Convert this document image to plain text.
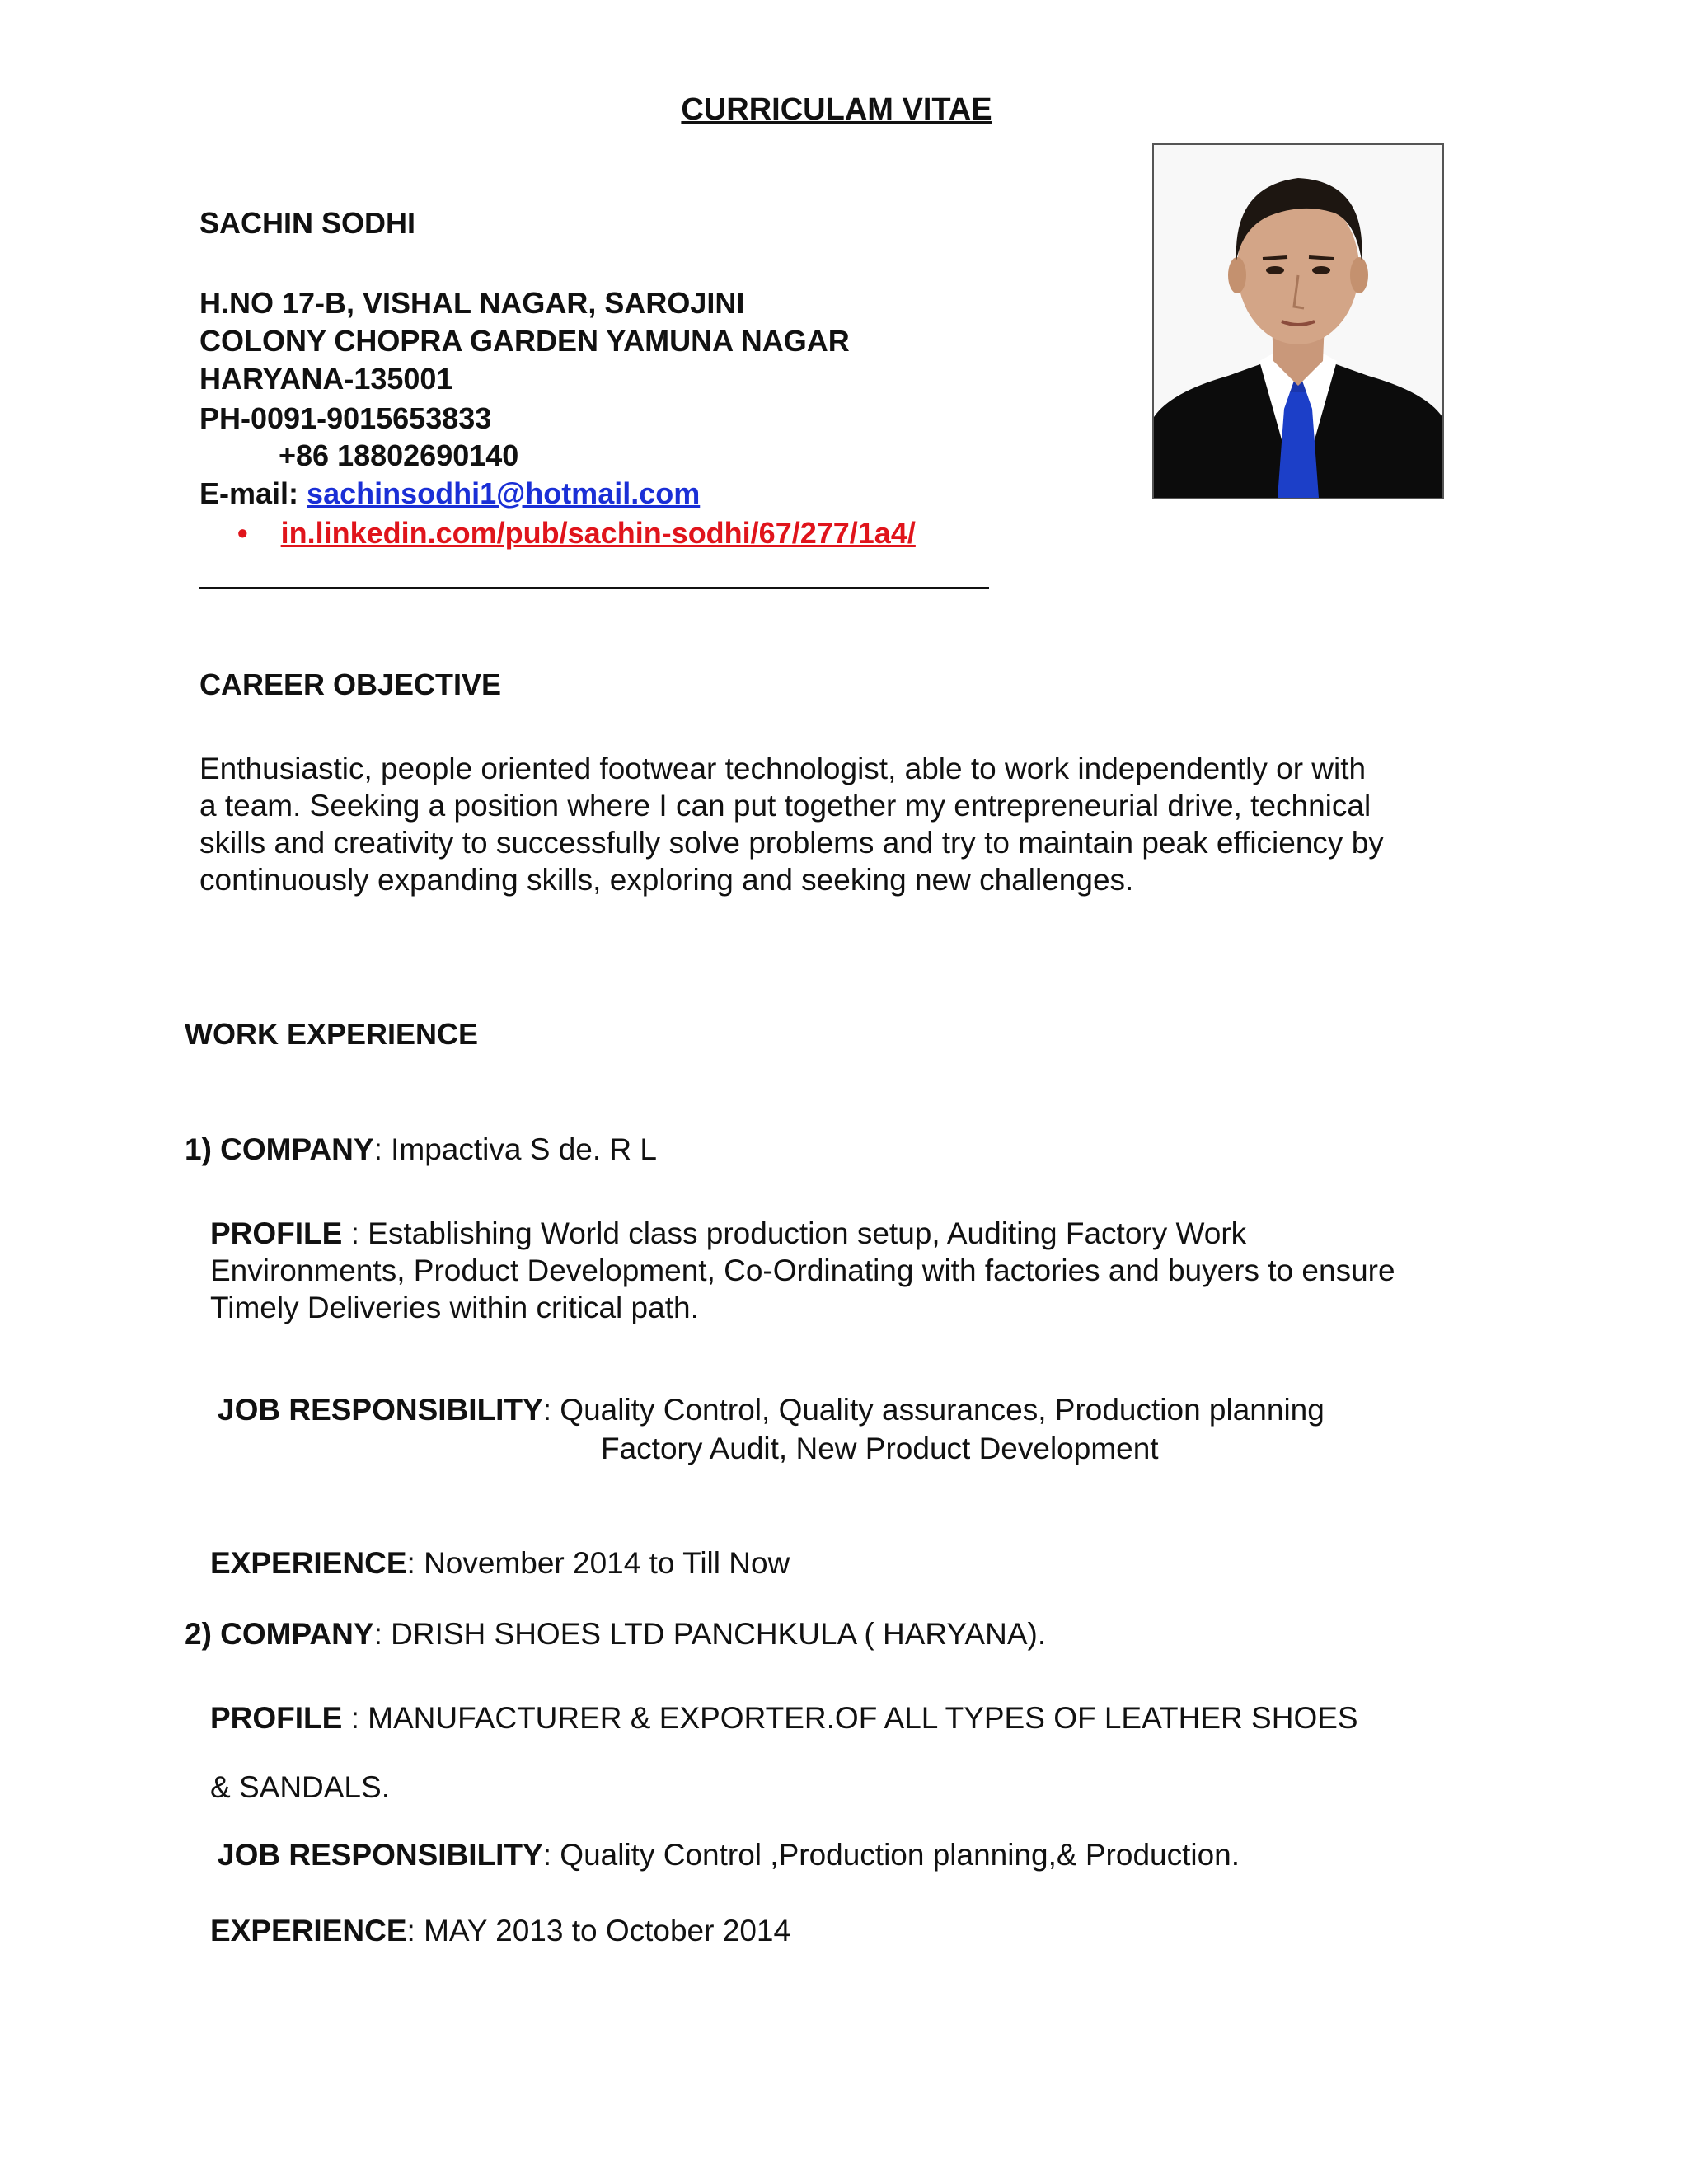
CURRICULAM VITAE
SACHIN SODHI
H.NO 17-B, VISHAL NAGAR, SAROJINI
COLONY CHOPRA GARDEN YAMUNA NAGAR
HARYANA-135001
PH-0091-9015653833
+86 18802690140
E-mail: sachinsodhi1@hotmail.com
• in.linkedin.com/pub/sachin-sodhi/67/277/1a4/
CAREER OBJECTIVE
Enthusiastic, people oriented footwear technologist, able to work independently or with
a team. Seeking a position where I can put together my entrepreneurial drive, technical
skills and creativity to successfully solve problems and try to maintain peak efficiency by
continuously expanding skills, exploring and seeking new challenges.
WORK EXPERIENCE
1) COMPANY: Impactiva S de. R L
PROFILE : Establishing World class production setup, Auditing Factory Work
Environments, Product Development, Co-Ordinating with factories and buyers to ensure
Timely Deliveries within critical path.
JOB RESPONSIBILITY: Quality Control, Quality assurances, Production planning
Factory Audit, New Product Development
EXPERIENCE: November 2014 to Till Now
2) COMPANY: DRISH SHOES LTD PANCHKULA ( HARYANA).
PROFILE : MANUFACTURER & EXPORTER.OF ALL TYPES OF LEATHER SHOES
& SANDALS.
JOB RESPONSIBILITY: Quality Control ,Production planning,& Production.
EXPERIENCE: MAY 2013 to October 2014
